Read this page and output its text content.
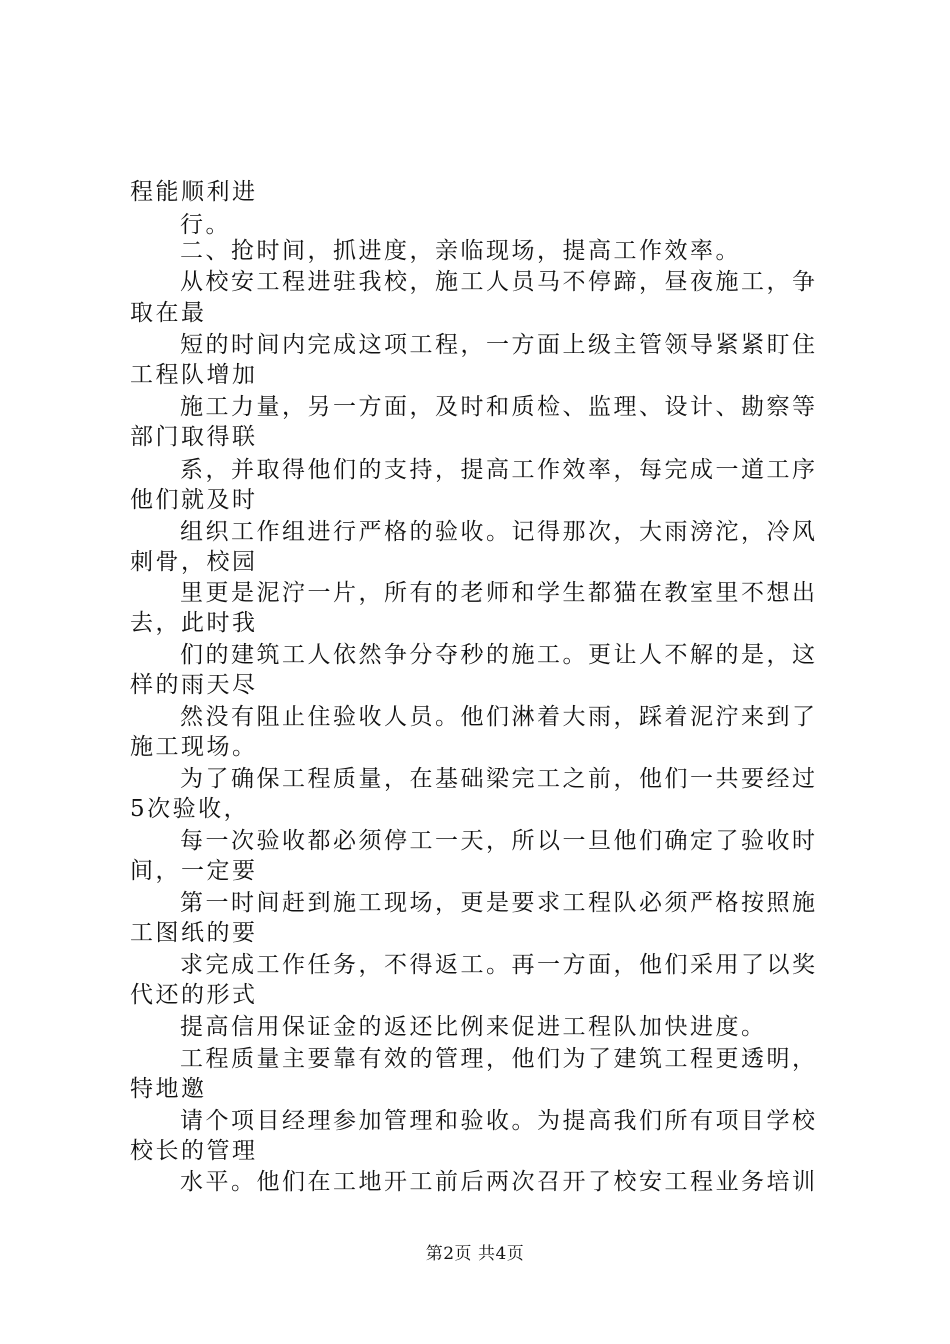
程能顺利进
行。
二、抢时间，抓进度，亲临现场，提高工作效率。
从校安工程进驻我校，施工人员马不停蹄，昼夜施工，争
取在最
短的时间内完成这项工程，一方面上级主管领导紧紧盯住
工程队增加
施工力量，另一方面，及时和质检、监理、设计、勘察等
部门取得联
系，并取得他们的支持，提高工作效率，每完成一道工序
他们就及时
组织工作组进行严格的验收。记得那次，大雨滂沱，冷风
刺骨，校园
里更是泥泞一片，所有的老师和学生都猫在教室里不想出
去，此时我
们的建筑工人依然争分夺秒的施工。更让人不解的是，这
样的雨天尽
然没有阻止住验收人员。他们淋着大雨，踩着泥泞来到了
施工现场。
为了确保工程质量，在基础梁完工之前，他们一共要经过
5次验收，
每一次验收都必须停工一天，所以一旦他们确定了验收时
间，一定要
第一时间赶到施工现场，更是要求工程队必须严格按照施
工图纸的要
求完成工作任务，不得返工。再一方面，他们采用了以奖
代还的形式
提高信用保证金的返还比例来促进工程队加快进度。
工程质量主要靠有效的管理，他们为了建筑工程更透明，
特地邀
请个项目经理参加管理和验收。为提高我们所有项目学校
校长的管理
水平。他们在工地开工前后两次召开了校安工程业务培训
第2页 共4页
